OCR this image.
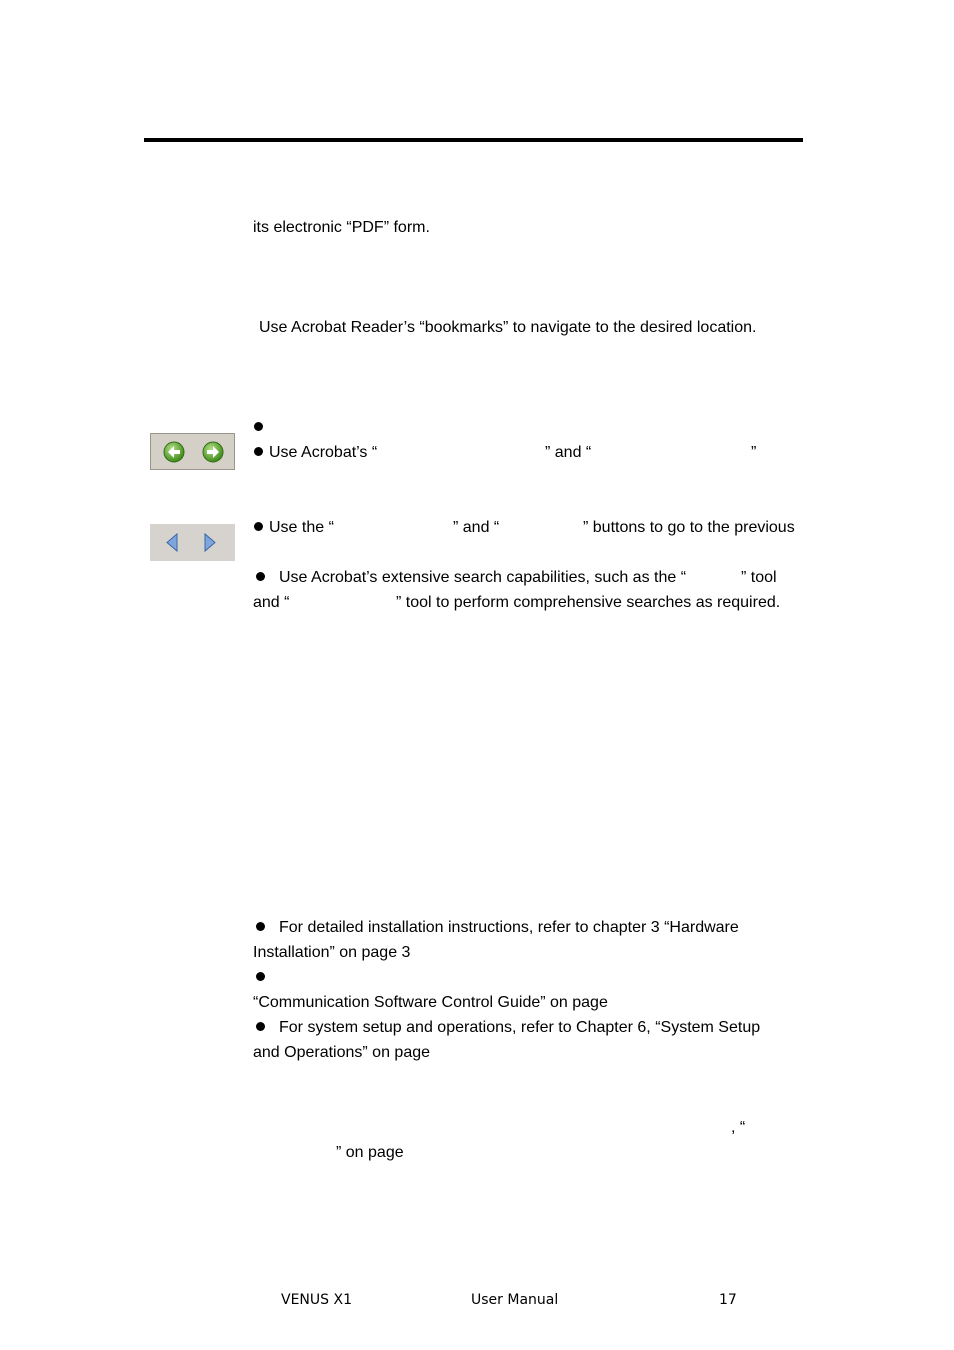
its electronic “PDF” form.
Use Acrobat Reader’s “bookmarks” to navigate to the desired location.
Use Acrobat’s “	” and “	”
Use the “	” and “	” buttons to go to the previous
Use Acrobat’s extensive search capabilities, such as the “	” tool
and “	” tool to perform comprehensive searches as required.
For detailed installation instructions, refer to chapter 3 “Hardware
Installation” on page 3
“Communication Software Control Guide” on page
For system setup and operations, refer to Chapter 6, “System Setup
and Operations” on page
, “
” on page
VENUS X1	User Manual	17
